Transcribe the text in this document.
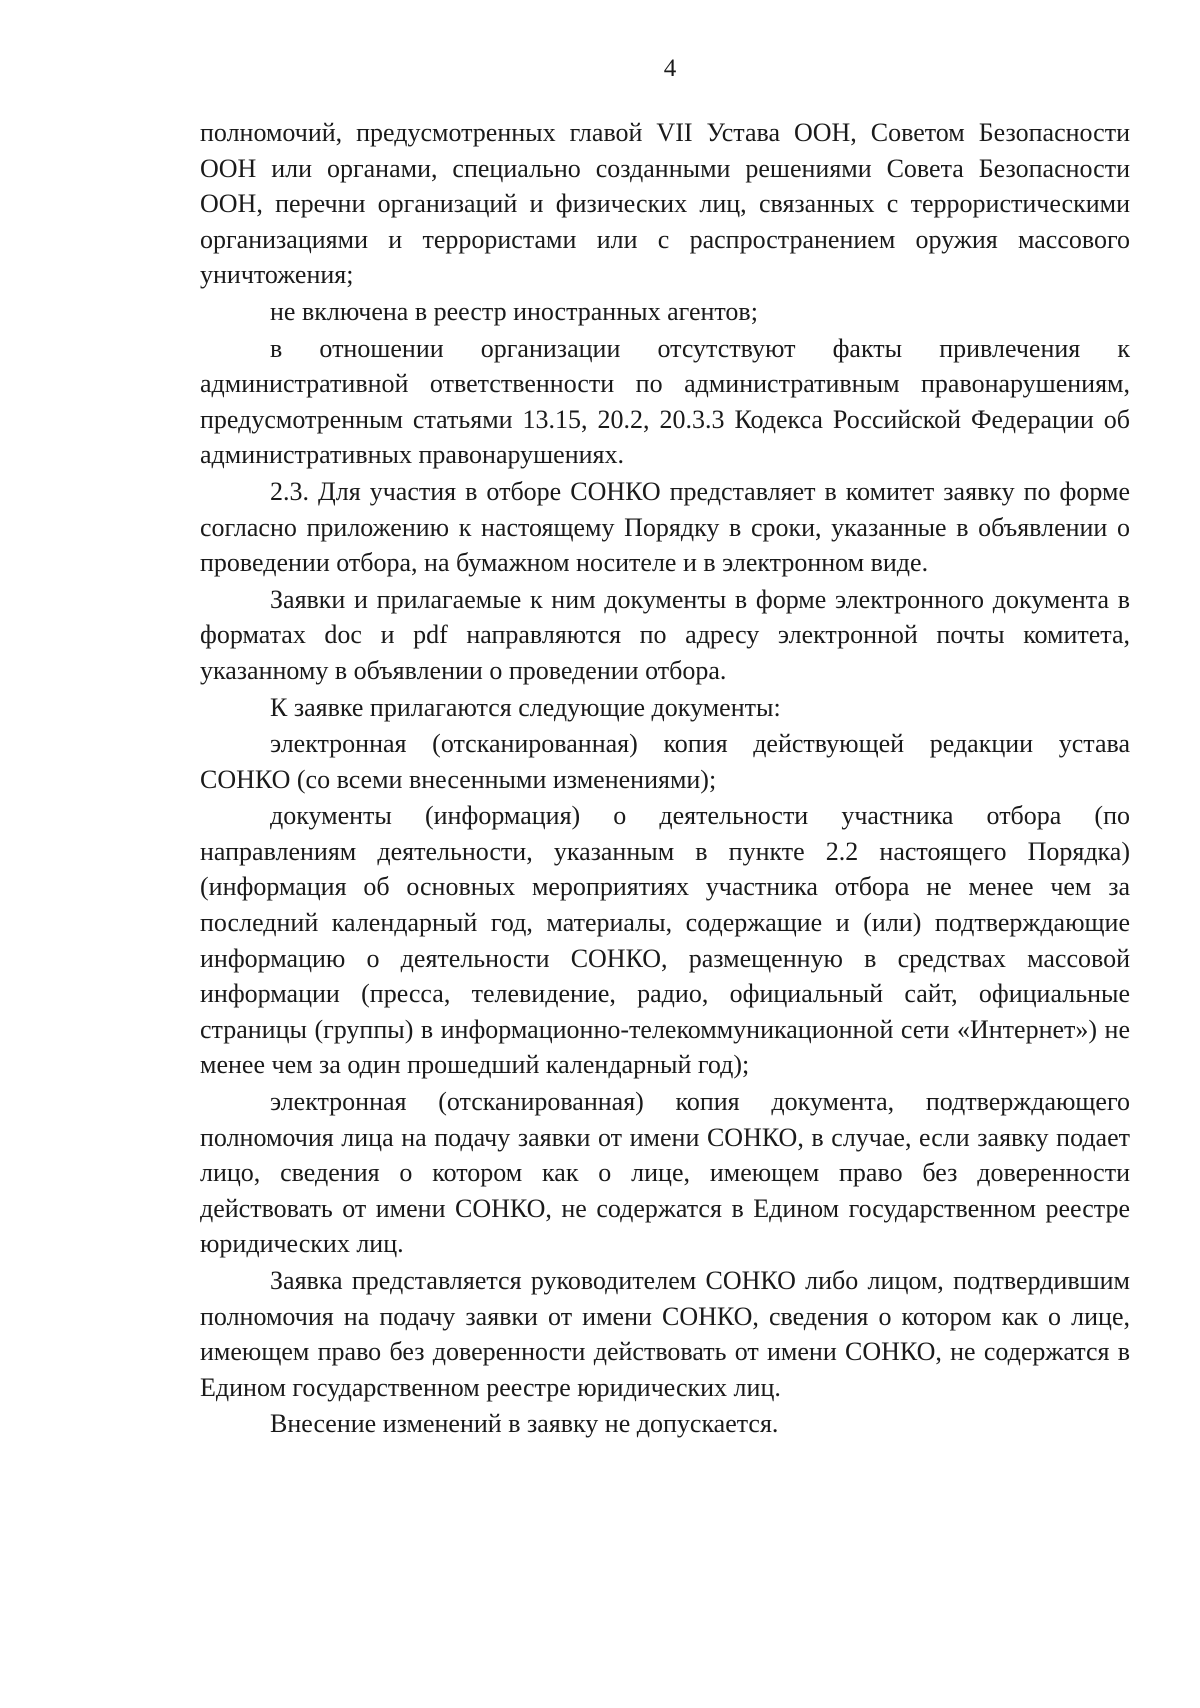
4

полномочий, предусмотренных главой VII Устава ООН, Советом Безопасности ООН или органами, специально созданными решениями Совета Безопасности ООН, перечни организаций и физических лиц, связанных с террористическими организациями и террористами или с распространением оружия массового уничтожения;

не включена в реестр иностранных агентов;

в отношении организации отсутствуют факты привлечения к административной ответственности по административным правонарушениям, предусмотренным статьями 13.15, 20.2, 20.3.3 Кодекса Российской Федерации об административных правонарушениях.

2.3. Для участия в отборе СОНКО представляет в комитет заявку по форме согласно приложению к настоящему Порядку в сроки, указанные в объявлении о проведении отбора, на бумажном носителе и в электронном виде.

Заявки и прилагаемые к ним документы в форме электронного документа в форматах doc и pdf направляются по адресу электронной почты комитета, указанному в объявлении о проведении отбора.

К заявке прилагаются следующие документы:

электронная (отсканированная) копия действующей редакции устава СОНКО (со всеми внесенными изменениями);

документы (информация) о деятельности участника отбора (по направлениям деятельности, указанным в пункте 2.2 настоящего Порядка) (информация об основных мероприятиях участника отбора не менее чем за последний календарный год, материалы, содержащие и (или) подтверждающие информацию о деятельности СОНКО, размещенную в средствах массовой информации (пресса, телевидение, радио, официальный сайт, официальные страницы (группы) в информационно-телекоммуникационной сети «Интернет») не менее чем за один прошедший календарный год);

электронная (отсканированная) копия документа, подтверждающего полномочия лица на подачу заявки от имени СОНКО, в случае, если заявку подает лицо, сведения о котором как о лице, имеющем право без доверенности действовать от имени СОНКО, не содержатся в Едином государственном реестре юридических лиц.

Заявка представляется руководителем СОНКО либо лицом, подтвердившим полномочия на подачу заявки от имени СОНКО, сведения о котором как о лице, имеющем право без доверенности действовать от имени СОНКО, не содержатся в Едином государственном реестре юридических лиц.

Внесение изменений в заявку не допускается.
